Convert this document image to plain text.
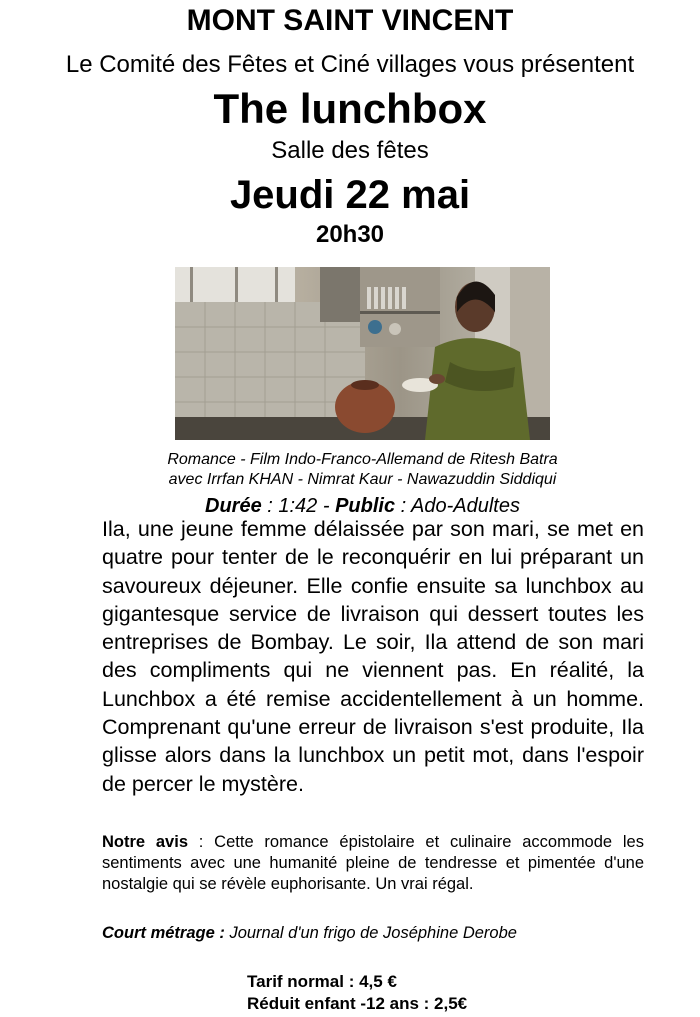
MONT SAINT VINCENT
Le Comité des Fêtes et Ciné villages vous présentent
The lunchbox
Salle des fêtes
Jeudi 22 mai
20h30
Romance - Film Indo-Franco-Allemand de Ritesh Batra
avec Irrfan KHAN - Nimrat Kaur - Nawazuddin Siddiqui
Durée : 1:42 - Public : Ado-Adultes
Ila, une jeune femme délaissée par son mari, se met en quatre pour tenter de le reconquérir en lui préparant un savoureux déjeuner. Elle confie ensuite sa lunchbox au gigantesque service de livraison qui dessert toutes les entreprises de Bombay. Le soir, Ila attend de son mari des compliments qui ne viennent pas. En réalité, la Lunchbox a été remise accidentellement à un homme. Comprenant qu'une erreur de livraison s'est produite, Ila glisse alors dans la lunchbox un petit mot, dans l'espoir de percer le mystère.
Notre avis : Cette romance épistolaire et culinaire accommode les sentiments avec une humanité pleine de tendresse et pimentée d'une nostalgie qui se révèle euphorisante. Un vrai régal.
Court métrage : Journal d'un frigo de Joséphine Derobe
Tarif normal : 4,5 €
Réduit enfant -12 ans : 2,5€
